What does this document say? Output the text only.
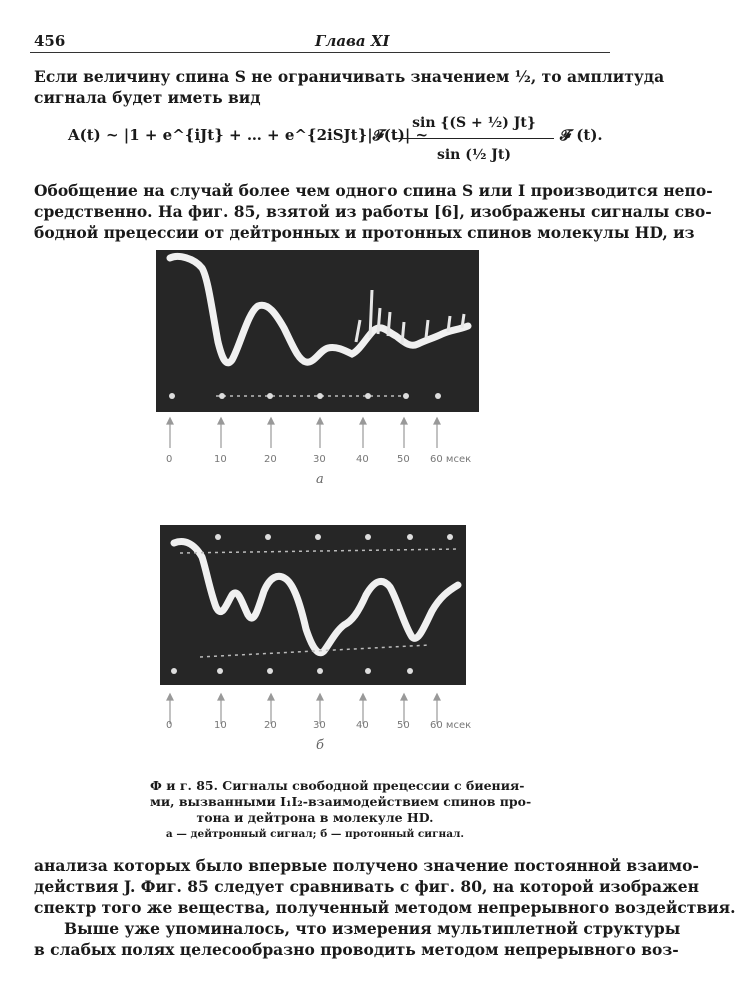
456	Глава XI
Если величину спина S не ограничивать значением ½, то амплитуда
сигнала будет иметь вид
A(t) ~ |1 + e^{iJt} + … + e^{2iSJt}|𝓕(t)| ~
$\frac{\text{sin \{(S + ½) Jt\}}}{\text{sin (½ Jt)}}$ 𝓕 (t).
Обобщение на случай более чем одного спина S или I производится непо-
средственно. На фиг. 85, взятой из работы [6], изображены сигналы сво-
бодной прецессии от дейтронных и протонных спинов молекулы HD, из
0	10	20	30	40	50 60 мсек
а
0	10	20	30	40	50 60 мсек
б
Ф и г. 85. Сигналы свободной прецессии с биения-
ми, вызванными I₁I₂-взаимодействием спинов про-
тона и дейтрона в молекуле HD.
а — дейтронный сигнал; б — протонный сигнал.
анализа которых было впервые получено значение постоянной взаимо-
действия J. Фиг. 85 следует сравнивать с фиг. 80, на которой изображен
спектр того же вещества, полученный методом непрерывного воздействия.
Выше уже упоминалось, что измерения мультиплетной структуры
в слабых полях целесообразно проводить методом непрерывного воз-
